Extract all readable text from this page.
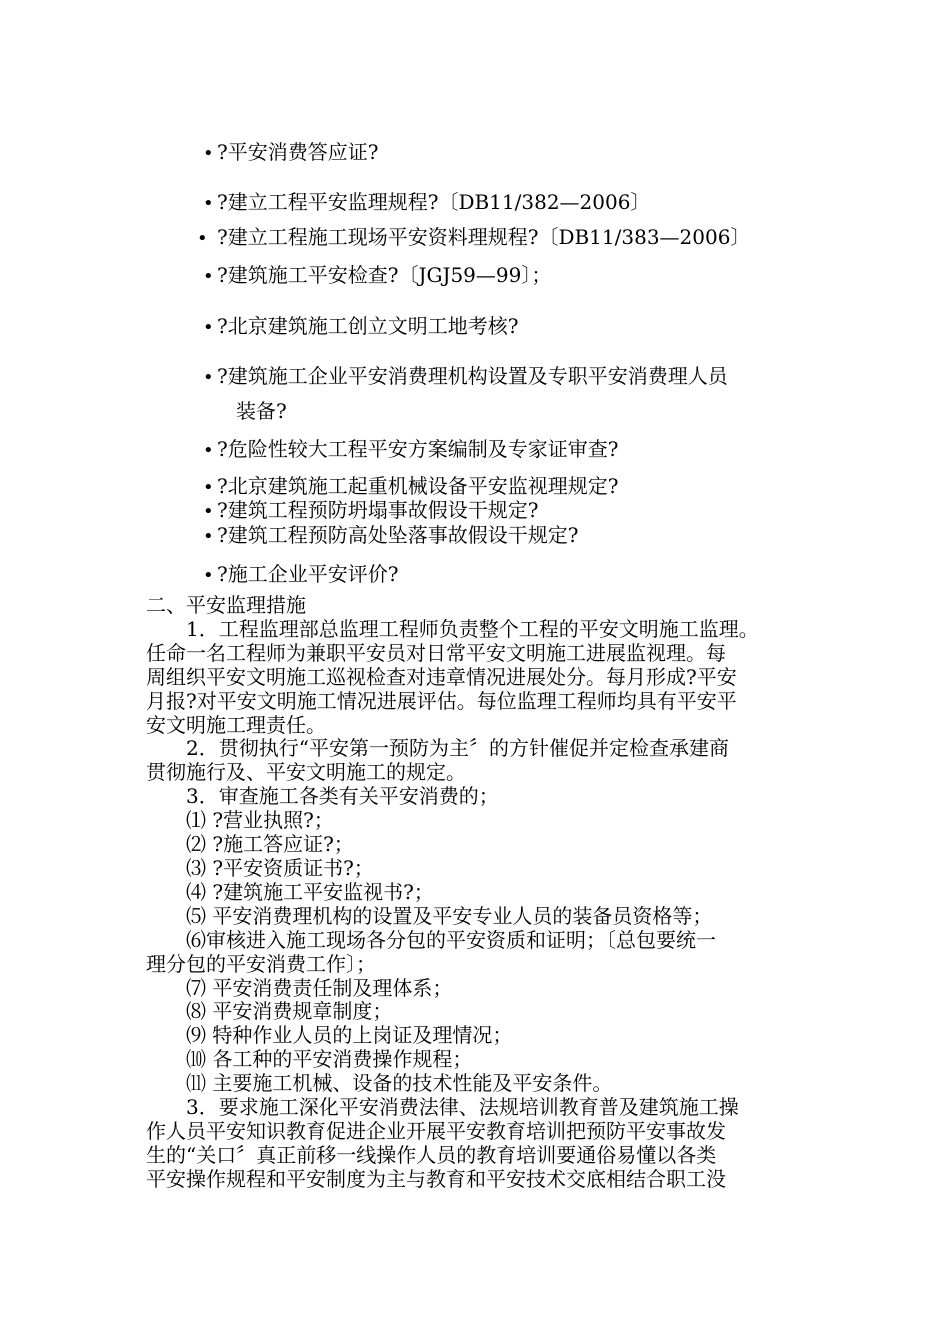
• ?平安消费答应证?
• ?建立工程平安监理规程?〔DB11/382—2006〕
• ?建立工程施工现场平安资料理规程?〔DB11/383—2006〕
• ?建筑施工平安检查?〔JGJ59—99〕；
• ?北京建筑施工创立文明工地考核?
• ?建筑施工企业平安消费理机构设置及专职平安消费理人员
装备?
• ?危险性较大工程平安方案编制及专家证审查?
• ?北京建筑施工起重机械设备平安监视理规定?
• ?建筑工程预防坍塌事故假设干规定?
• ?建筑工程预防高处坠落事故假设干规定?
• ?施工企业平安评价?

二、平安监理措施

1．工程监理部总监理工程师负责整个工程的平安文明施工监理。

任命一名工程师为兼职平安员对日常平安文明施工进展监视理。每

周组织平安文明施工巡视检查对违章情况进展处分。每月形成?平安

月报?对平安文明施工情况进展评估。每位监理工程师均具有平安平

安文明施工理责任。

2．贯彻执行“平安第一预防为主〞的方针催促并定检查承建商

贯彻施行及、平安文明施工的规定。

3．审查施工各类有关平安消费的；

⑴ ?营业执照?；

⑵ ?施工答应证?；

⑶ ?平安资质证书?；

⑷ ?建筑施工平安监视书?；

⑸ 平安消费理机构的设置及平安专业人员的装备员资格等；

⑹审核进入施工现场各分包的平安资质和证明；〔总包要统一

理分包的平安消费工作〕；

⑺ 平安消费责任制及理体系；

⑻ 平安消费规章制度；

⑼ 特种作业人员的上岗证及理情况；

⑽ 各工种的平安消费操作规程；

⑾ 主要施工机械、设备的技术性能及平安条件。

3．要求施工深化平安消费法律、法规培训教育普及建筑施工操

作人员平安知识教育促进企业开展平安教育培训把预防平安事故发

生的“关口〞真正前移一线操作人员的教育培训要通俗易懂以各类

平安操作规程和平安制度为主与教育和平安技术交底相结合职工没
